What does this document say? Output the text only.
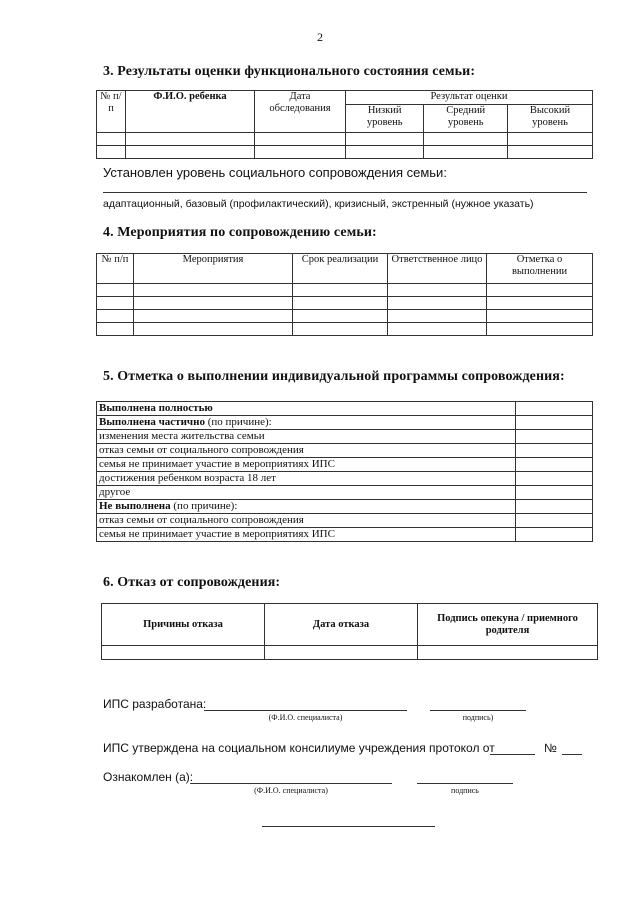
2
3. Результаты оценки функционального состояния семьи:
№ п/п	Ф.И.О. ребенка	Дата обследования	Результат оценки		
			Низкий уровень	Средний уровень	Высокий уровень

Установлен уровень социального сопровождения семьи:
адаптационный, базовый (профилактический), кризисный, экстренный (нужное указать)
4. Мероприятия по сопровождению семьи:
№ п/п	Мероприятия	Срок реализации	Ответственное лицо	Отметка о выполнении

5. Отметка о выполнении индивидуальной программы сопровождения:
Выполнена полностью	
Выполнена частично (по причине):	
изменения места жительства семьи	
отказ семьи от социального сопровождения	
семья не принимает участие в мероприятиях ИПС	
достижения ребенком возраста 18 лет	
другое	
Не выполнена (по причине):	
отказ семьи от социального сопровождения	
семья не принимает участие в мероприятиях ИПС	
6. Отказ от сопровождения:
Причины отказа	Дата отказа	Подпись опекуна / приемного родителя

ИПС разработана:
(Ф.И.О. специалиста)	подпись)
ИПС утверждена на социальном консилиуме учреждения протокол от	№
Ознакомлен (а):
(Ф.И.О. специалиста)	подпись
